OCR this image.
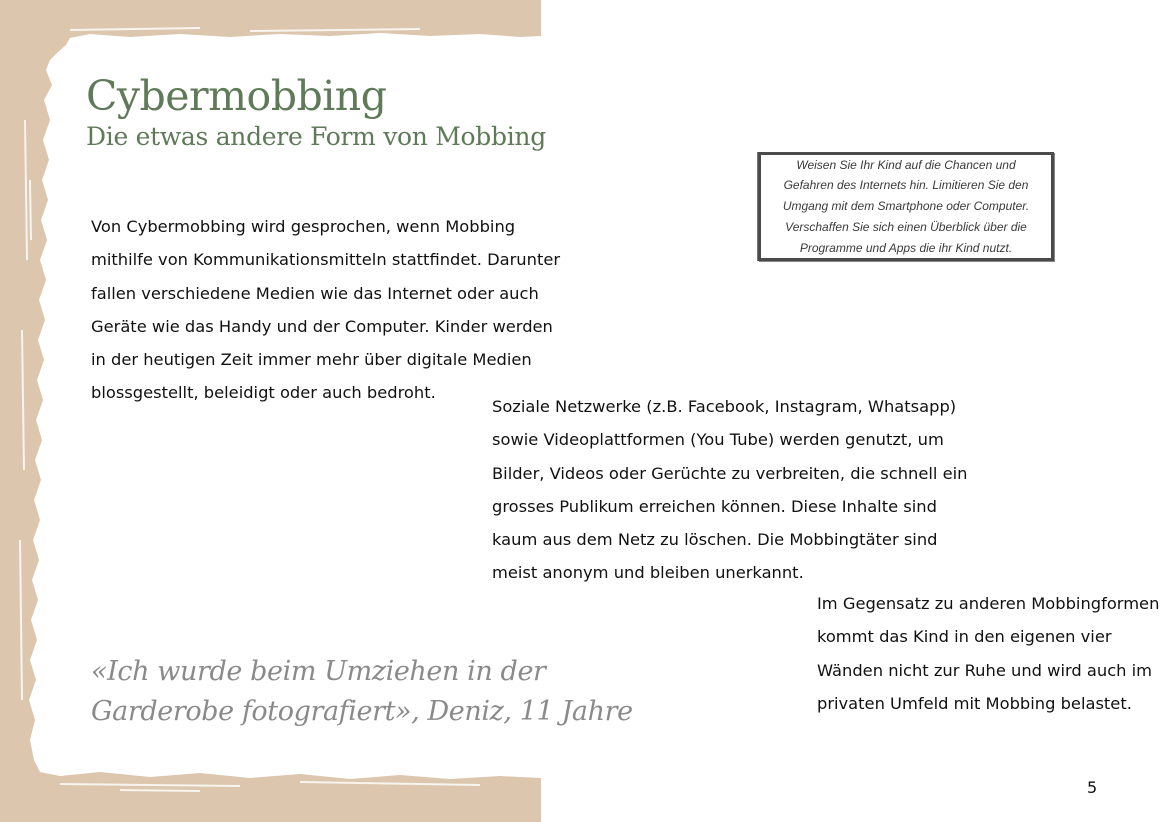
Cybermobbing
Die etwas andere Form von Mobbing

Von Cybermobbing wird gesprochen, wenn Mobbing
mithilfe von Kommunikationsmitteln stattfindet. Darunter
fallen verschiedene Medien wie das Internet oder auch
Geräte wie das Handy und der Computer. Kinder werden
in der heutigen Zeit immer mehr über digitale Medien
blossgestellt, beleidigt oder auch bedroht.

Soziale Netzwerke (z.B. Facebook, Instagram, Whatsapp)
sowie Videoplattformen (You Tube) werden genutzt, um
Bilder, Videos oder Gerüchte zu verbreiten, die schnell ein
grosses Publikum erreichen können. Diese Inhalte sind
kaum aus dem Netz zu löschen. Die Mobbingtäter sind
meist anonym und bleiben unerkannt.

Im Gegensatz zu anderen Mobbingformen
kommt das Kind in den eigenen vier
Wänden nicht zur Ruhe und wird auch im
privaten Umfeld mit Mobbing belastet.

Weisen Sie Ihr Kind auf die Chancen und
Gefahren des Internets hin. Limitieren Sie den
Umgang mit dem Smartphone oder Computer.
Verschaffen Sie sich einen Überblick über die
Programme und Apps die ihr Kind nutzt.

«Ich wurde beim Umziehen in der
Garderobe fotografiert», Deniz, 11 Jahre

5
